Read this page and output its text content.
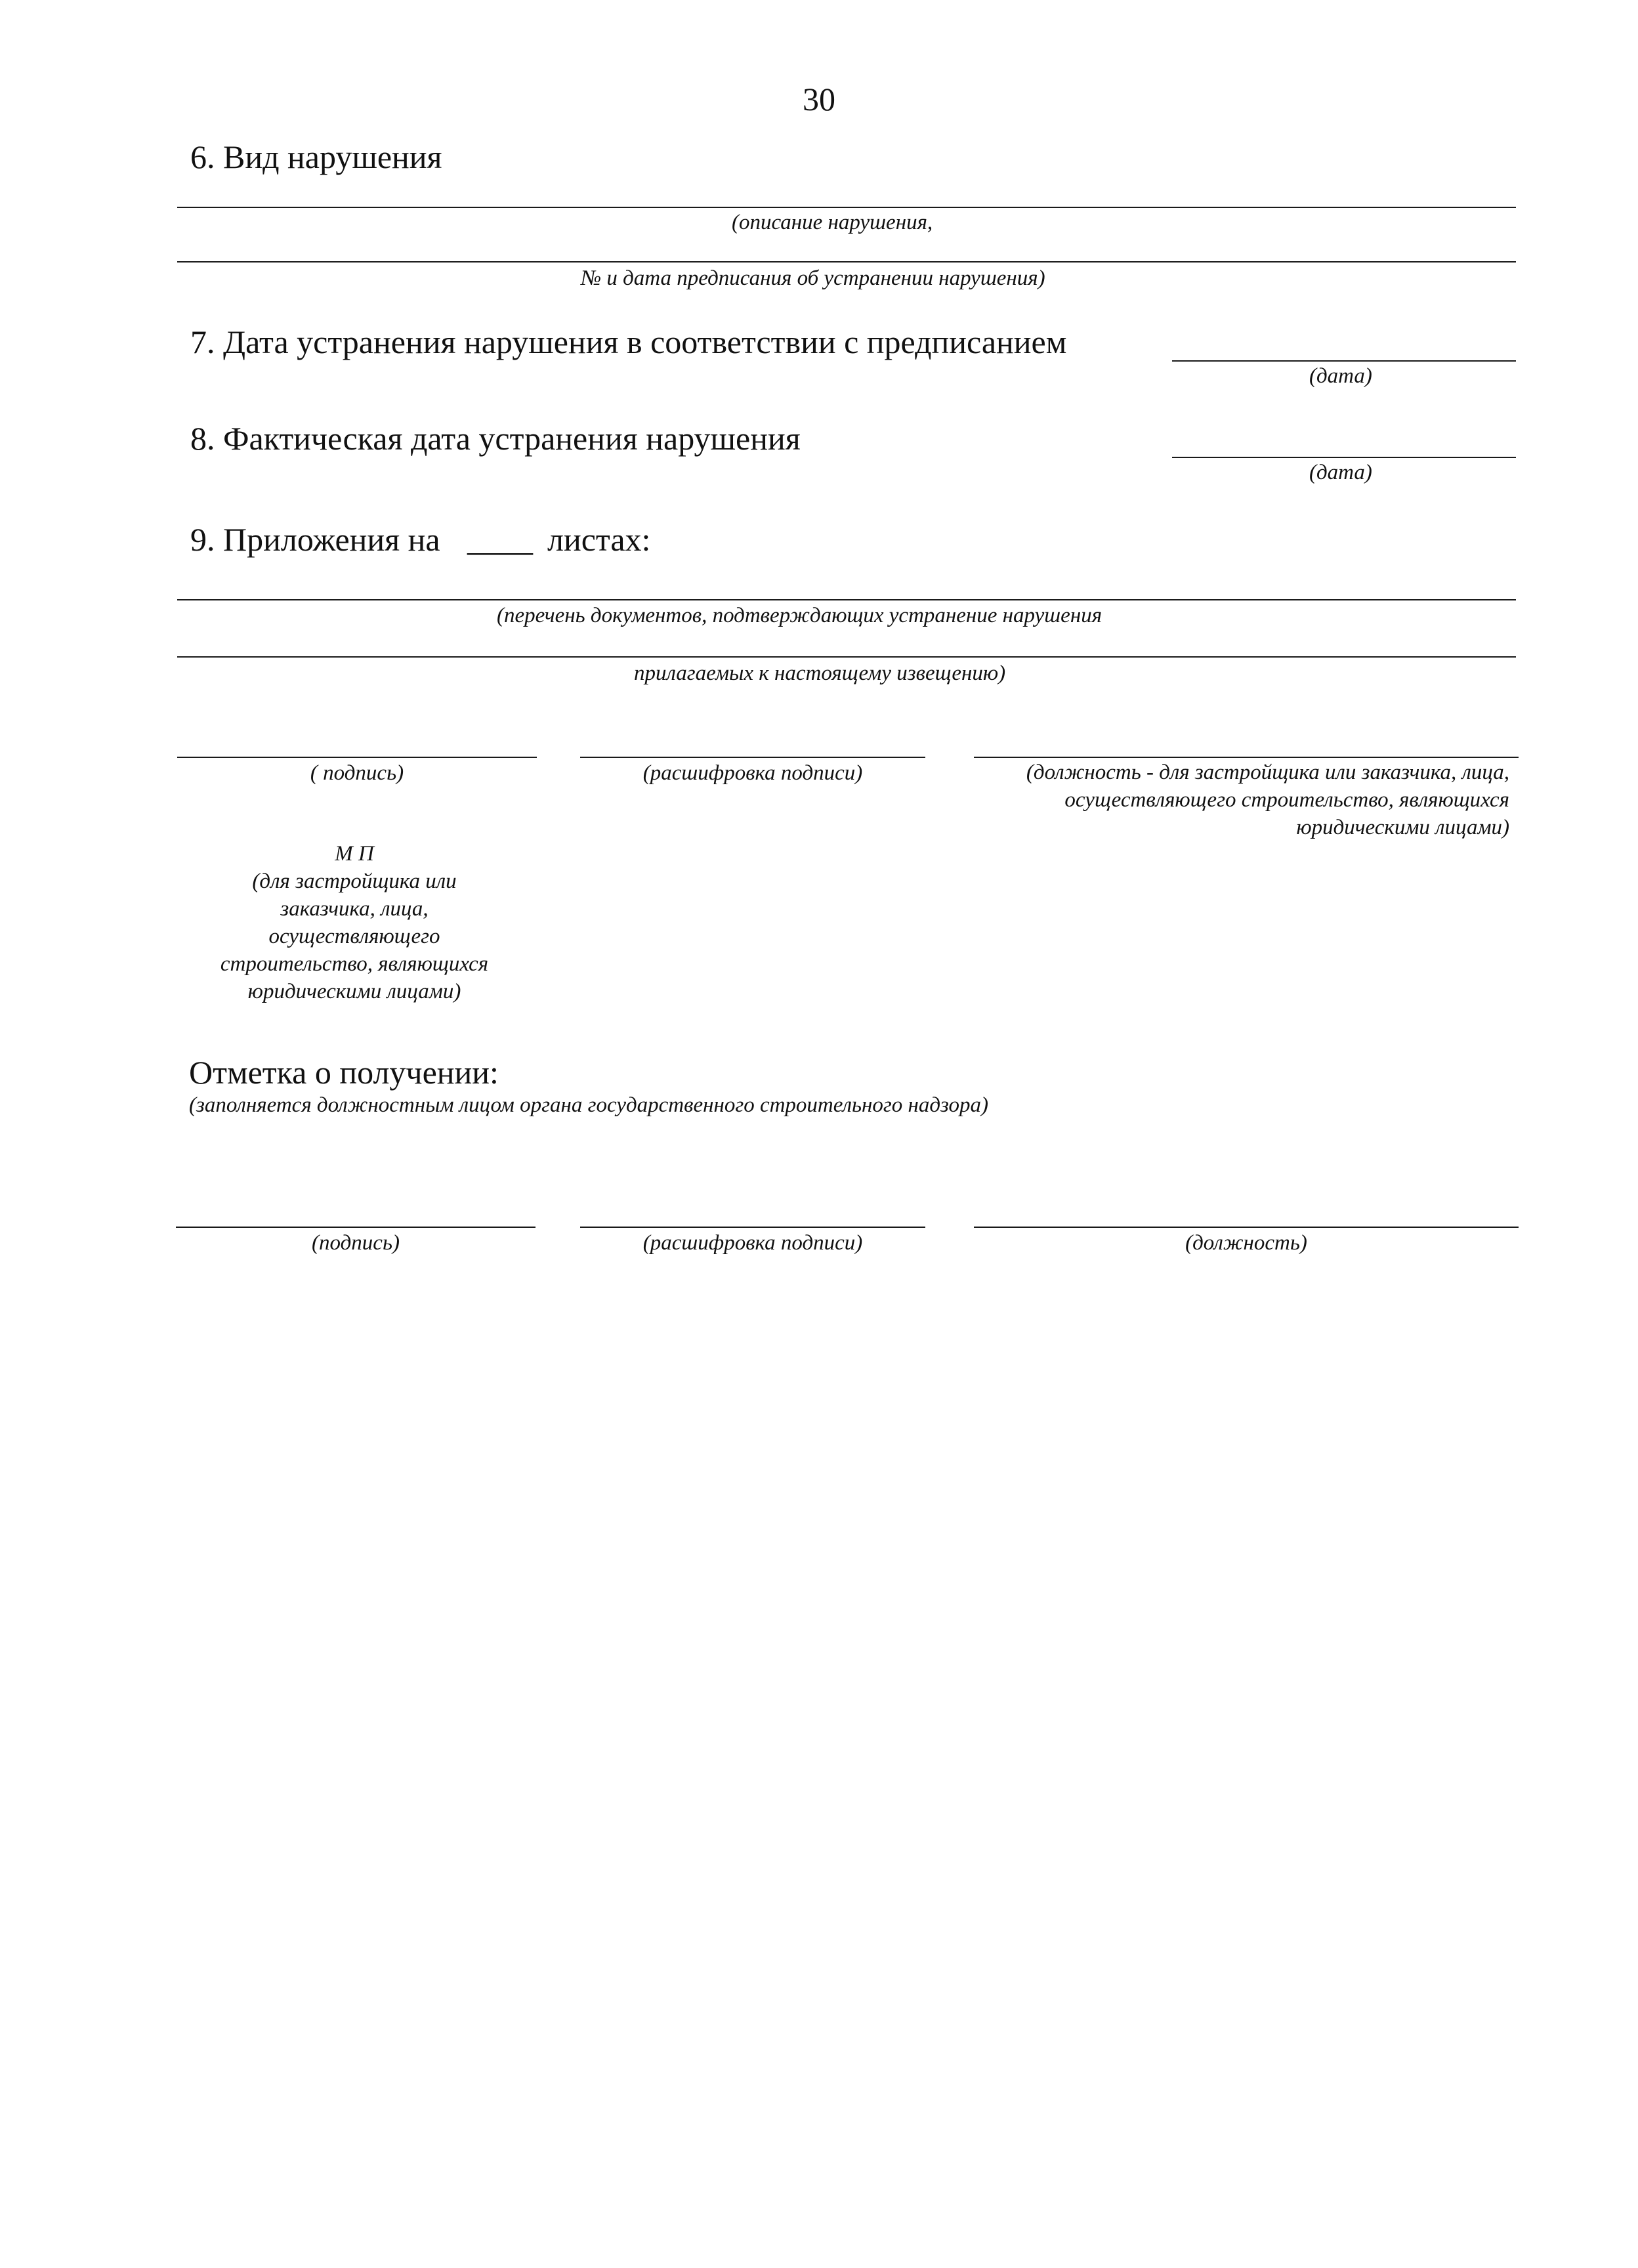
30
6. Вид нарушения
(описание нарушения,
№ и дата предписания об устранении нарушения)
7. Дата устранения нарушения в соответствии с предписанием
(дата)
8. Фактическая дата устранения нарушения
(дата)
9. Приложения на ____ листах:
(перечень документов, подтверждающих устранение нарушения
прилагаемых к настоящему извещению)
( подпись)	(расшифровка подписи)	(должность - для застройщика или заказчика, лица,
осуществляющего строительство, являющихся
юридическими лицами)
М П
(для застройщика или
заказчика, лица,
осуществляющего
строительство, являющихся
юридическими лицами)
Отметка о получении:
(заполняется должностным лицом органа государственного строительного надзора)
(подпись)	(расшифровка подписи)	(должность)
